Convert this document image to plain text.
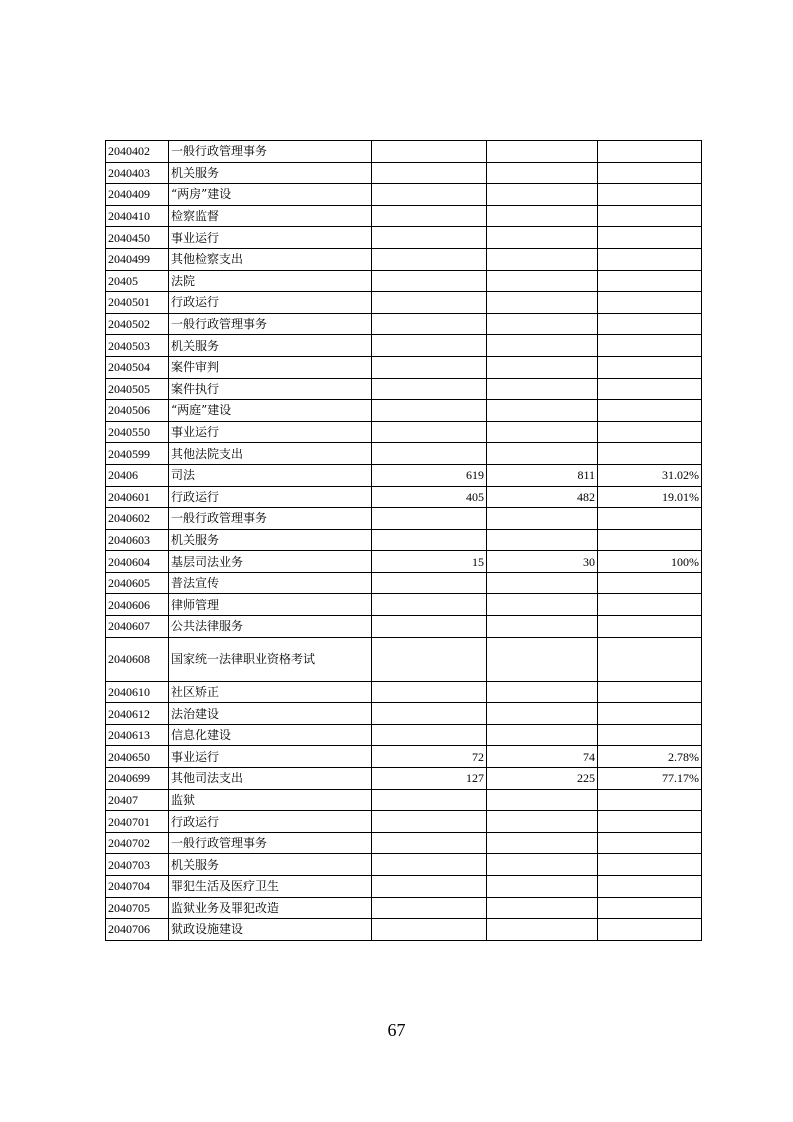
2040402	一般行政管理事务			
2040403	机关服务			
2040409	“两房”建设			
2040410	检察监督			
2040450	事业运行			
2040499	其他检察支出			
20405	法院			
2040501	行政运行			
2040502	一般行政管理事务			
2040503	机关服务			
2040504	案件审判			
2040505	案件执行			
2040506	“两庭”建设			
2040550	事业运行			
2040599	其他法院支出			
20406	司法	619	811	31.02%
2040601	行政运行	405	482	19.01%
2040602	一般行政管理事务			
2040603	机关服务			
2040604	基层司法业务	15	30	100%
2040605	普法宣传			
2040606	律师管理			
2040607	公共法律服务			
2040608	国家统一法律职业资格考试			
2040610	社区矫正			
2040612	法治建设			
2040613	信息化建设			
2040650	事业运行	72	74	2.78%
2040699	其他司法支出	127	225	77.17%
20407	监狱			
2040701	行政运行			
2040702	一般行政管理事务			
2040703	机关服务			
2040704	罪犯生活及医疗卫生			
2040705	监狱业务及罪犯改造			
2040706	狱政设施建设			
67
